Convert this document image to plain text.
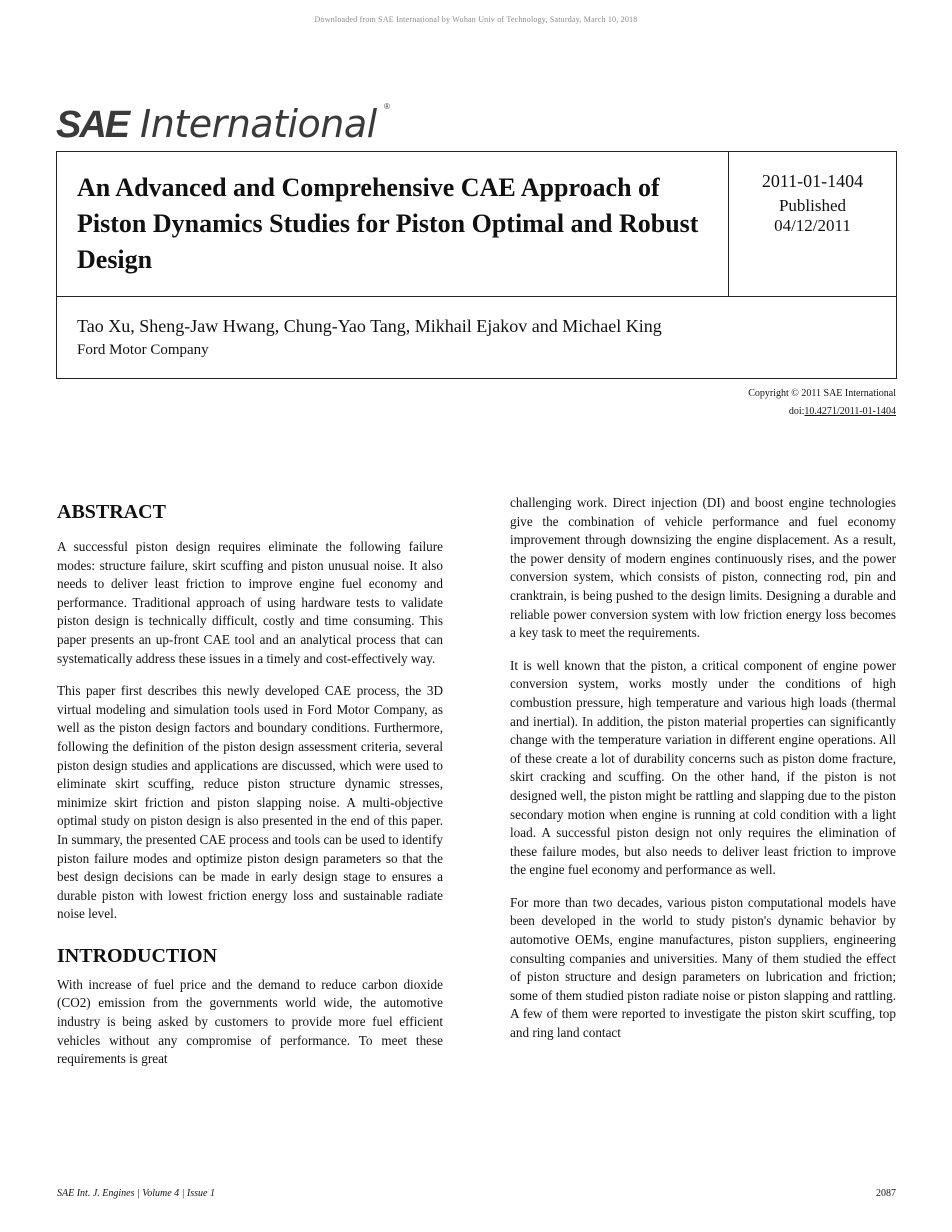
Downloaded from SAE International by Wuhan Univ of Technology, Saturday, March 10, 2018
SAE International ®
An Advanced and Comprehensive CAE Approach of Piston Dynamics Studies for Piston Optimal and Robust Design
2011-01-1404
Published
04/12/2011
Tao Xu, Sheng-Jaw Hwang, Chung-Yao Tang, Mikhail Ejakov and Michael King
Ford Motor Company
Copyright © 2011 SAE International
doi:10.4271/2011-01-1404
ABSTRACT

A successful piston design requires eliminate the following failure modes: structure failure, skirt scuffing and piston unusual noise. It also needs to deliver least friction to improve engine fuel economy and performance. Traditional approach of using hardware tests to validate piston design is technically difficult, costly and time consuming. This paper presents an up-front CAE tool and an analytical process that can systematically address these issues in a timely and cost-effectively way.

This paper first describes this newly developed CAE process, the 3D virtual modeling and simulation tools used in Ford Motor Company, as well as the piston design factors and boundary conditions. Furthermore, following the definition of the piston design assessment criteria, several piston design studies and applications are discussed, which were used to eliminate skirt scuffing, reduce piston structure dynamic stresses, minimize skirt friction and piston slapping noise. A multi-objective optimal study on piston design is also presented in the end of this paper. In summary, the presented CAE process and tools can be used to identify piston failure modes and optimize piston design parameters so that the best design decisions can be made in early design stage to ensures a durable piston with lowest friction energy loss and sustainable radiate noise level.

INTRODUCTION

With increase of fuel price and the demand to reduce carbon dioxide (CO2) emission from the governments world wide, the automotive industry is being asked by customers to provide more fuel efficient vehicles without any compromise of performance. To meet these requirements is great

challenging work. Direct injection (DI) and boost engine technologies give the combination of vehicle performance and fuel economy improvement through downsizing the engine displacement. As a result, the power density of modern engines continuously rises, and the power conversion system, which consists of piston, connecting rod, pin and cranktrain, is being pushed to the design limits. Designing a durable and reliable power conversion system with low friction energy loss becomes a key task to meet the requirements.

It is well known that the piston, a critical component of engine power conversion system, works mostly under the conditions of high combustion pressure, high temperature and various high loads (thermal and inertial). In addition, the piston material properties can significantly change with the temperature variation in different engine operations. All of these create a lot of durability concerns such as piston dome fracture, skirt cracking and scuffing. On the other hand, if the piston is not designed well, the piston might be rattling and slapping due to the piston secondary motion when engine is running at cold condition with a light load. A successful piston design not only requires the elimination of these failure modes, but also needs to deliver least friction to improve the engine fuel economy and performance as well.

For more than two decades, various piston computational models have been developed in the world to study piston's dynamic behavior by automotive OEMs, engine manufactures, piston suppliers, engineering consulting companies and universities. Many of them studied the effect of piston structure and design parameters on lubrication and friction; some of them studied piston radiate noise or piston slapping and rattling. A few of them were reported to investigate the piston skirt scuffing, top and ring land contact

SAE Int. J. Engines | Volume 4 | Issue 1	2087
